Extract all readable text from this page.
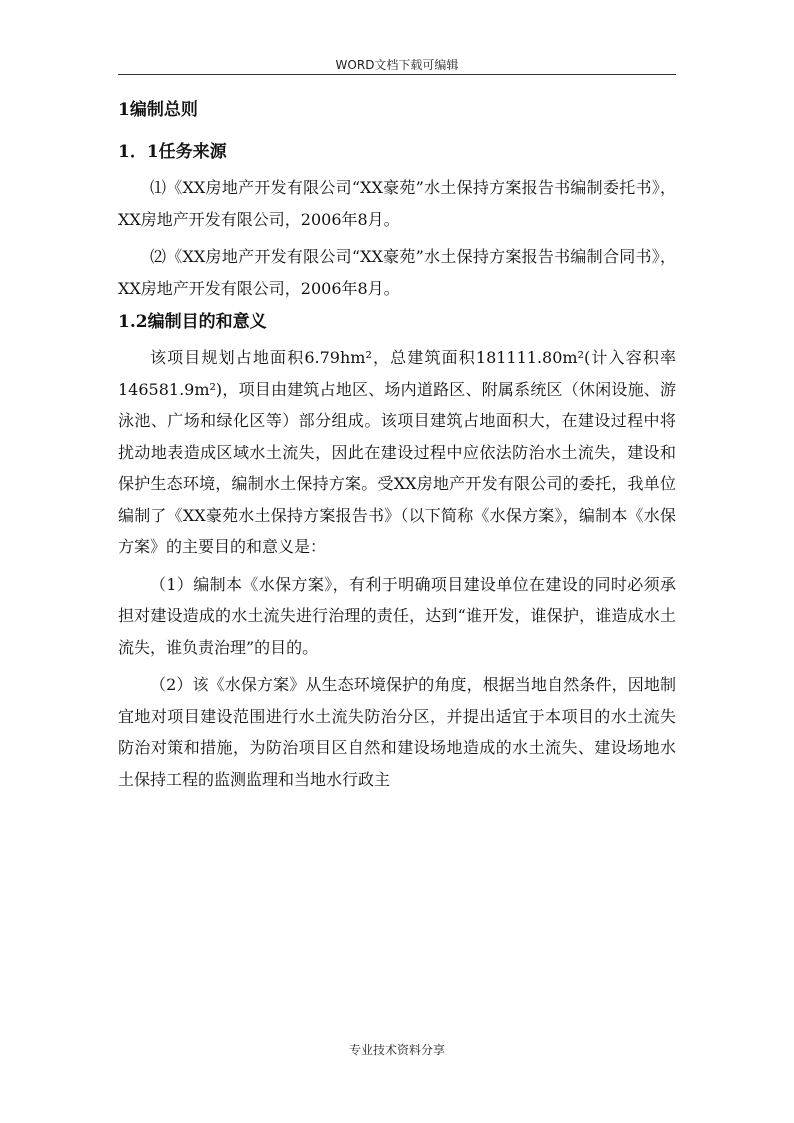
WORD文档下载可编辑
1编制总则
1．1任务来源

⑴《XX房地产开发有限公司“XX豪苑”水土保持方案报告书编制委托书》，XX房地产开发有限公司，2006年8月。

⑵《XX房地产开发有限公司“XX豪苑”水土保持方案报告书编制合同书》，XX房地产开发有限公司，2006年8月。

1.2编制目的和意义

该项目规划占地面积6.79hm²，总建筑面积181111.80m²(计入容积率146581.9m²)，项目由建筑占地区、场内道路区、附属系统区（休闲设施、游泳池、广场和绿化区等）部分组成。该项目建筑占地面积大，在建设过程中将扰动地表造成区域水土流失，因此在建设过程中应依法防治水土流失，建设和保护生态环境，编制水土保持方案。受XX房地产开发有限公司的委托，我单位编制了《XX豪苑水土保持方案报告书》（以下简称《水保方案》，编制本《水保方案》的主要目的和意义是：

（1）编制本《水保方案》，有利于明确项目建设单位在建设的同时必须承担对建设造成的水土流失进行治理的责任，达到“谁开发，谁保护，谁造成水土流失，谁负责治理”的目的。

（2）该《水保方案》从生态环境保护的角度，根据当地自然条件，因地制宜地对项目建设范围进行水土流失防治分区，并提出适宜于本项目的水土流失防治对策和措施，为防治项目区自然和建设场地造成的水土流失、建设场地水土保持工程的监测监理和当地水行政主

专业技术资料分享
